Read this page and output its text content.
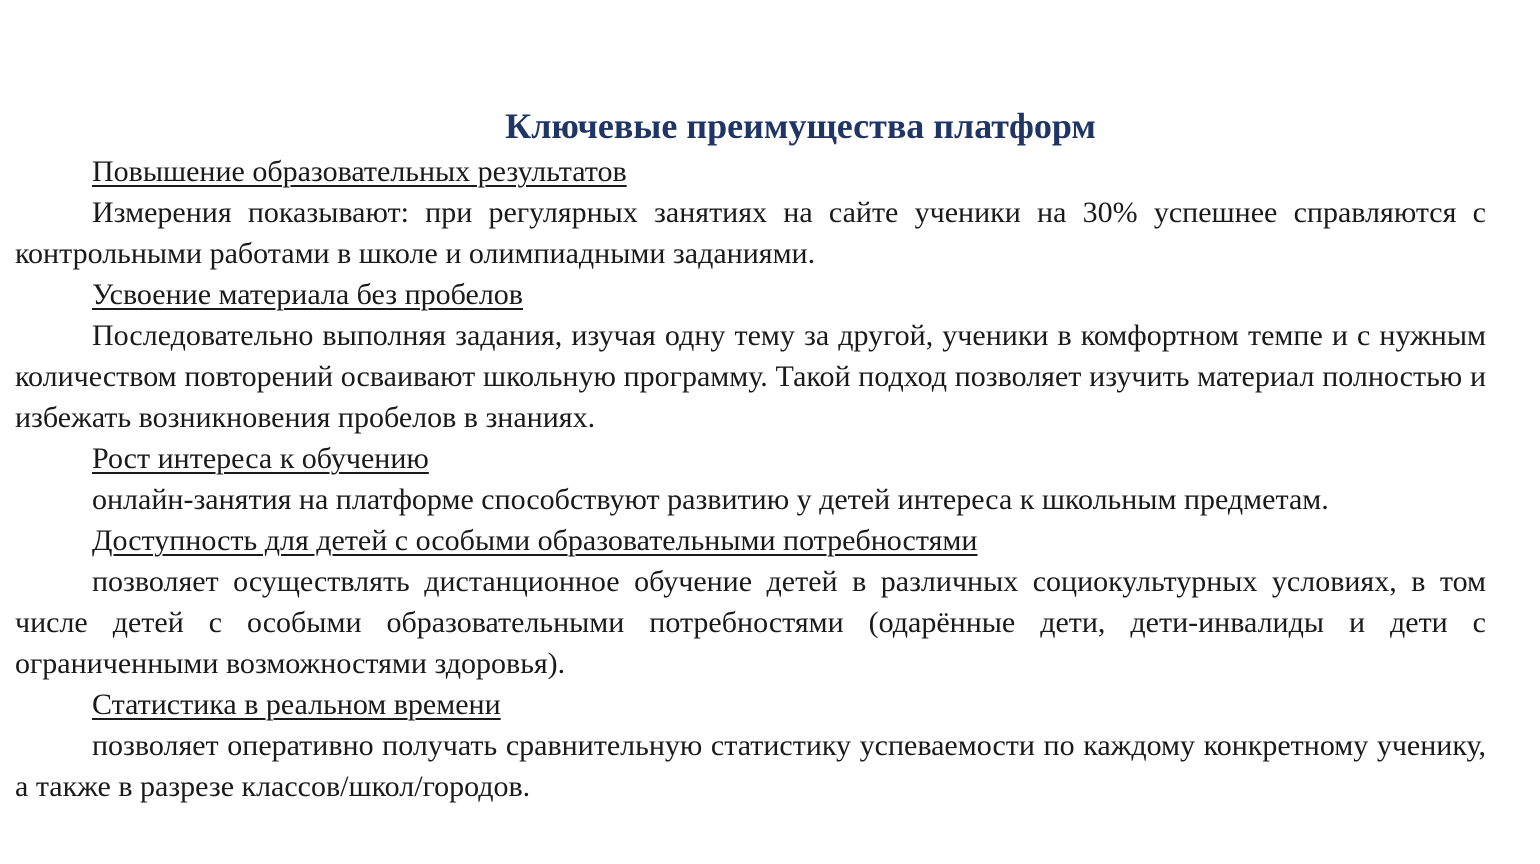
Ключевые преимущества платформ

Повышение образовательных результатов

Измерения показывают: при регулярных занятиях на сайте ученики на 30% успешнее справляются с контрольными работами в школе и олимпиадными заданиями.

Усвоение материала без пробелов

Последовательно выполняя задания, изучая одну тему за другой, ученики в комфортном темпе и с нужным количеством повторений осваивают школьную программу. Такой подход позволяет изучить материал полностью и избежать возникновения пробелов в знаниях.

Рост интереса к обучению

онлайн-занятия на платформе способствуют развитию у детей интереса к школьным предметам.

Доступность для детей с особыми образовательными потребностями

позволяет осуществлять дистанционное обучение детей в различных социокультурных условиях, в том числе детей с особыми образовательными потребностями (одарённые дети, дети-инвалиды и дети с ограниченными возможностями здоровья).

Статистика в реальном времени

позволяет оперативно получать сравнительную статистику успеваемости по каждому конкретному ученику, а также в разрезе классов/школ/городов.
